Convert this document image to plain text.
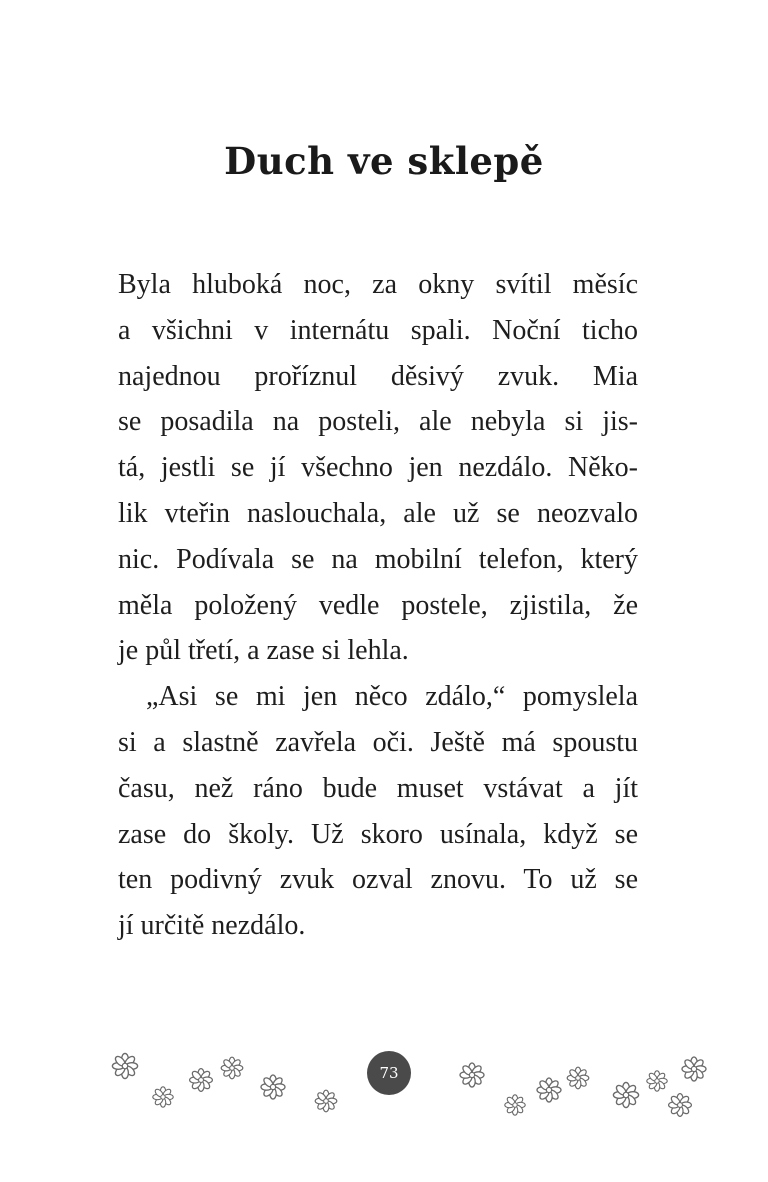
Duch ve sklepě
Byla hluboká noc, za okny svítil měsíc
a všichni v internátu spali. Noční ticho
najednou proříznul děsivý zvuk. Mia
se posadila na posteli, ale nebyla si jis-
tá, jestli se jí všechno jen nezdálo. Něko-
lik vteřin naslouchala, ale už se neozvalo
nic. Podívala se na mobilní telefon, který
měla položený vedle postele, zjistila, že
je půl třetí, a zase si lehla.
„Asi se mi jen něco zdálo,“ pomyslela
si a slastně zavřela oči. Ještě má spoustu
času, než ráno bude muset vstávat a jít
zase do školy. Už skoro usínala, když se
ten podivný zvuk ozval znovu. To už se
jí určitě nezdálo.
73
